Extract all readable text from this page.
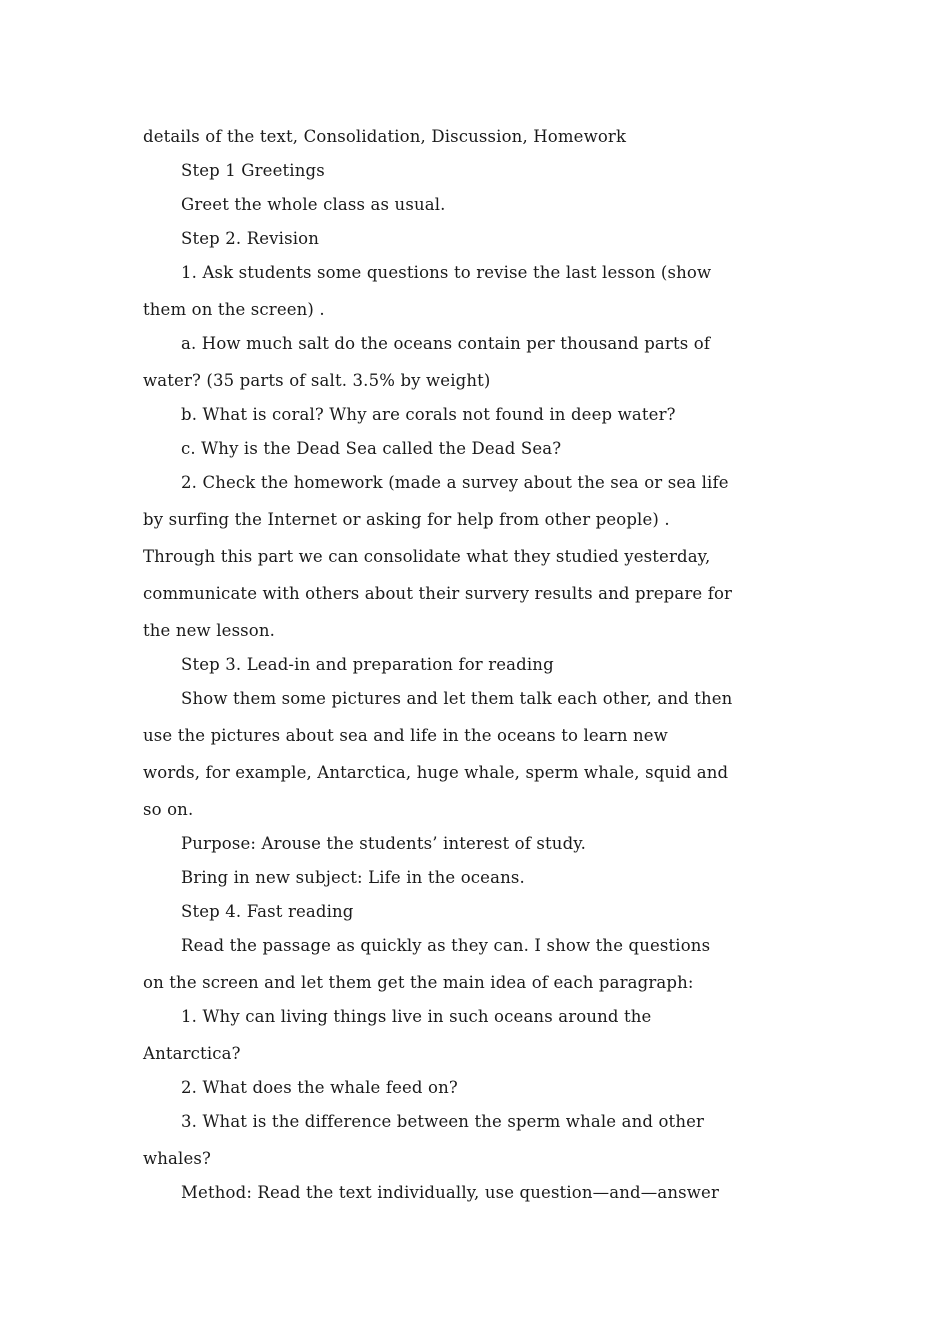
details of the text, Consolidation, Discussion, Homework
Step 1 Greetings
Greet the whole class as usual.
Step 2. Revision
1. Ask students some questions to revise the last lesson (show
them on the screen) .
a. How much salt do the oceans contain per thousand parts of
water? (35 parts of salt. 3.5% by weight)
b. What is coral? Why are corals not found in deep water?
c. Why is the Dead Sea called the Dead Sea?
2. Check the homework (made a survey about the sea or sea life
by surfing the Internet or asking for help from other people) .
Through this part we can consolidate what they studied yesterday,
communicate with others about their survery results and prepare for
the new lesson.
Step 3. Lead-in and preparation for reading
Show them some pictures and let them talk each other, and then
use the pictures about sea and life in the oceans to learn new
words, for example, Antarctica, huge whale, sperm whale, squid and
so on.
Purpose: Arouse the students’ interest of study.
Bring in new subject: Life in the oceans.
Step 4. Fast reading
Read the passage as quickly as they can. I show the questions
on the screen and let them get the main idea of each paragraph:
1. Why can living things live in such oceans around the
Antarctica?
2. What does the whale feed on?
3. What is the difference between the sperm whale and other
whales?
Method: Read the text individually, use question—and—answer
